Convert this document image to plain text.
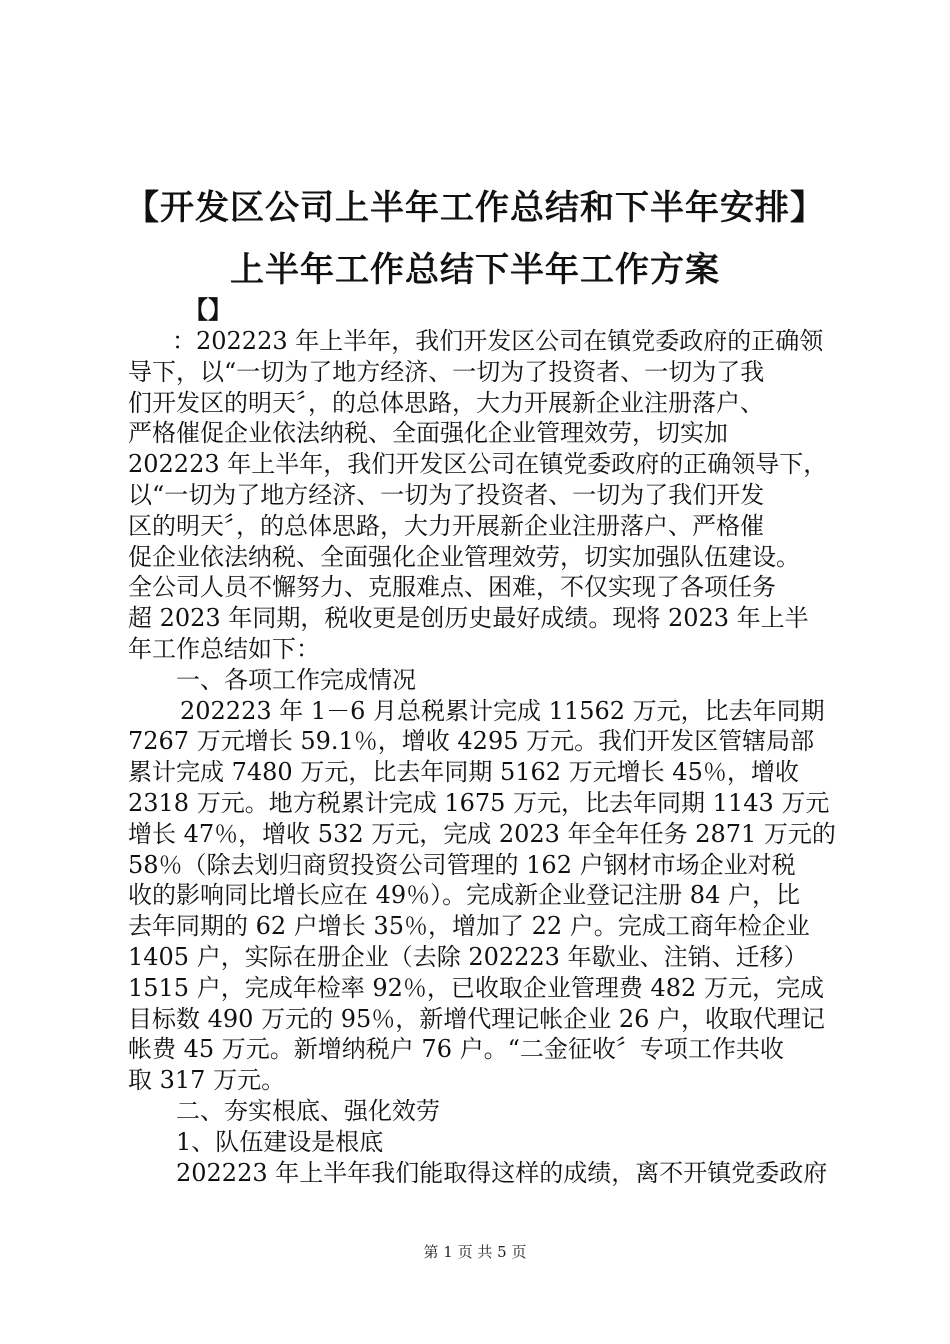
【开发区公司上半年工作总结和下半年安排】
上半年工作总结下半年工作方案
【】
：202223 年上半年，我们开发区公司在镇党委政府的正确领
导下，以“一切为了地方经济、一切为了投资者、一切为了我
们开发区的明天〞，的总体思路，大力开展新企业注册落户、
严格催促企业依法纳税、全面强化企业管理效劳，切实加
202223 年上半年，我们开发区公司在镇党委政府的正确领导下，
以“一切为了地方经济、一切为了投资者、一切为了我们开发
区的明天〞，的总体思路，大力开展新企业注册落户、严格催
促企业依法纳税、全面强化企业管理效劳，切实加强队伍建设。
全公司人员不懈努力、克服难点、困难，不仅实现了各项任务
超 2023 年同期，税收更是创历史最好成绩。现将 2023 年上半
年工作总结如下：
一、各项工作完成情况
202223 年 1－6 月总税累计完成 11562 万元，比去年同期
7267 万元增长 59.1％，增收 4295 万元。我们开发区管辖局部
累计完成 7480 万元，比去年同期 5162 万元增长 45％，增收
2318 万元。地方税累计完成 1675 万元，比去年同期 1143 万元
增长 47％，增收 532 万元，完成 2023 年全年任务 2871 万元的
58％（除去划归商贸投资公司管理的 162 户钢材市场企业对税
收的影响同比增长应在 49％）。完成新企业登记注册 84 户，比
去年同期的 62 户增长 35％，增加了 22 户。完成工商年检企业
1405 户，实际在册企业（去除 202223 年歇业、注销、迁移）
1515 户，完成年检率 92％，已收取企业管理费 482 万元，完成
目标数 490 万元的 95％，新增代理记帐企业 26 户，收取代理记
帐费 45 万元。新增纳税户 76 户。“二金征收〞专项工作共收
取 317 万元。
二、夯实根底、强化效劳
1、队伍建设是根底
202223 年上半年我们能取得这样的成绩，离不开镇党委政府
第 1 页 共 5 页
